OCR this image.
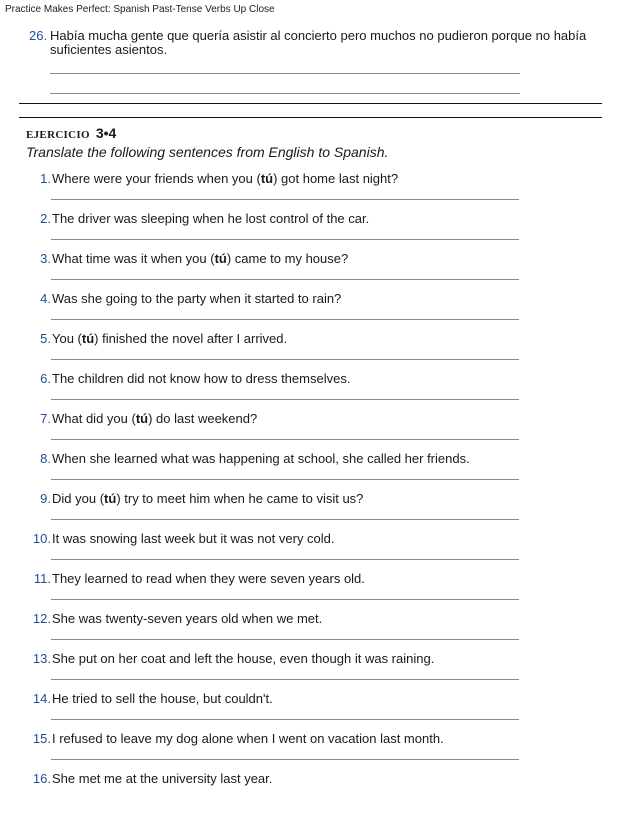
Practice Makes Perfect: Spanish Past-Tense Verbs Up Close
26. Había mucha gente que quería asistir al concierto pero muchos no pudieron porque no había suficientes asientos.
EJERCICIO 3•4
Translate the following sentences from English to Spanish.
1. Where were your friends when you (tú) got home last night?
2. The driver was sleeping when he lost control of the car.
3. What time was it when you (tú) came to my house?
4. Was she going to the party when it started to rain?
5. You (tú) finished the novel after I arrived.
6. The children did not know how to dress themselves.
7. What did you (tú) do last weekend?
8. When she learned what was happening at school, she called her friends.
9. Did you (tú) try to meet him when he came to visit us?
10. It was snowing last week but it was not very cold.
11. They learned to read when they were seven years old.
12. She was twenty-seven years old when we met.
13. She put on her coat and left the house, even though it was raining.
14. He tried to sell the house, but couldn't.
15. I refused to leave my dog alone when I went on vacation last month.
16. She met me at the university last year.
